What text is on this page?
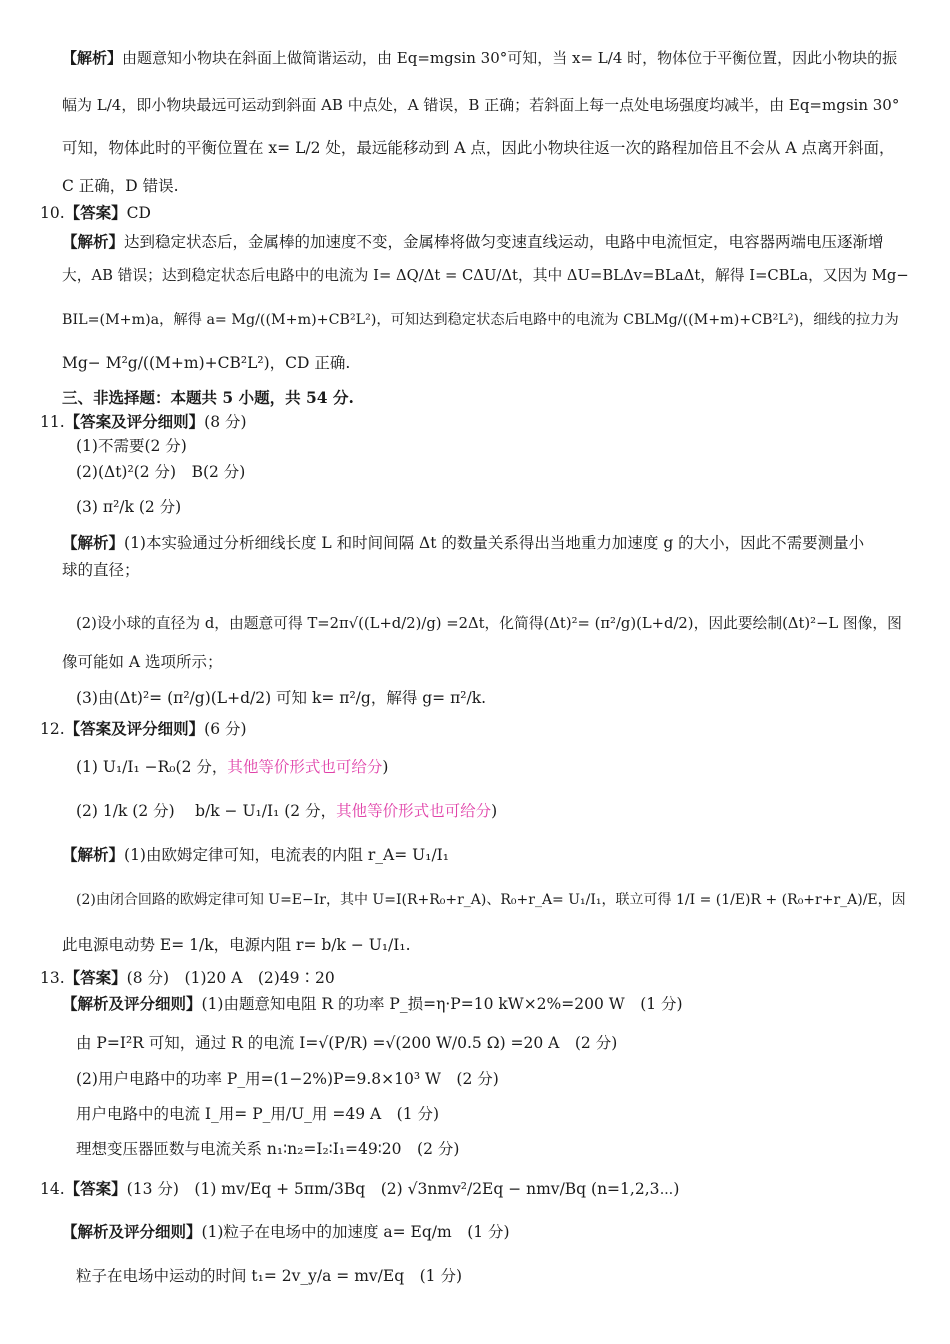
【解析】由题意知小物块在斜面上做简谐运动，由 Eq=mgsin 30°可知，当 x= L/4 时，物体位于平衡位置，因此小物块的振
幅为 L/4，即小物块最远可运动到斜面 AB 中点处，A 错误，B 正确；若斜面上每一点处电场强度均减半，由 Eq=mgsin 30°
可知，物体此时的平衡位置在 x= L/2 处，最远能移动到 A 点，因此小物块往返一次的路程加倍且不会从 A 点离开斜面，
C 正确，D 错误.
10.【答案】CD
【解析】达到稳定状态后，金属棒的加速度不变，金属棒将做匀变速直线运动，电路中电流恒定，电容器两端电压逐渐增
大，AB 错误；达到稳定状态后电路中的电流为 I= ΔQ/Δt = CΔU/Δt，其中 ΔU=BLΔv=BLaΔt，解得 I=CBLa，又因为 Mg−
BIL=(M+m)a，解得 a= Mg/((M+m)+CB²L²)，可知达到稳定状态后电路中的电流为 CBLMg/((M+m)+CB²L²)，细线的拉力为
Mg− M²g/((M+m)+CB²L²)，CD 正确.
三、非选择题：本题共 5 小题，共 54 分.
11.【答案及评分细则】(8 分)
(1)不需要(2 分)
(2)(Δt)²(2 分)　B(2 分)
(3) π²/k (2 分)
【解析】(1)本实验通过分析细线长度 L 和时间间隔 Δt 的数量关系得出当地重力加速度 g 的大小，因此不需要测量小
球的直径；
(2)设小球的直径为 d，由题意可得 T=2π√((L+d/2)/g) =2Δt，化简得(Δt)²= (π²/g)(L+d/2)，因此要绘制(Δt)²−L 图像，图
像可能如 A 选项所示；
(3)由(Δt)²= (π²/g)(L+d/2) 可知 k= π²/g，解得 g= π²/k.
12.【答案及评分细则】(6 分)
(1) U₁/I₁ −R₀(2 分，其他等价形式也可给分)
(2) 1/k (2 分)　 b/k − U₁/I₁ (2 分，其他等价形式也可给分)
【解析】(1)由欧姆定律可知，电流表的内阻 r_A= U₁/I₁
(2)由闭合回路的欧姆定律可知 U=E−Ir，其中 U=I(R+R₀+r_A)、R₀+r_A= U₁/I₁，联立可得 1/I = (1/E)R + (R₀+r+r_A)/E，因
此电源电动势 E= 1/k，电源内阻 r= b/k − U₁/I₁.
13.【答案】(8 分)　(1)20 A　(2)49∶20
【解析及评分细则】(1)由题意知电阻 R 的功率 P_损=η·P=10 kW×2%=200 W　(1 分)
由 P=I²R 可知，通过 R 的电流 I=√(P/R) =√(200 W/0.5 Ω) =20 A　(2 分)
(2)用户电路中的功率 P_用=(1−2%)P=9.8×10³ W　(2 分)
用户电路中的电流 I_用= P_用/U_用 =49 A　(1 分)
理想变压器匝数与电流关系 n₁∶n₂=I₂∶I₁=49∶20　(2 分)
14.【答案】(13 分)　(1) mv/Eq + 5πm/3Bq　(2) √3nmv²/2Eq − nmv/Bq (n=1,2,3⋯)
【解析及评分细则】(1)粒子在电场中的加速度 a= Eq/m　(1 分)
粒子在电场中运动的时间 t₁= 2v_y/a = mv/Eq　(1 分)
